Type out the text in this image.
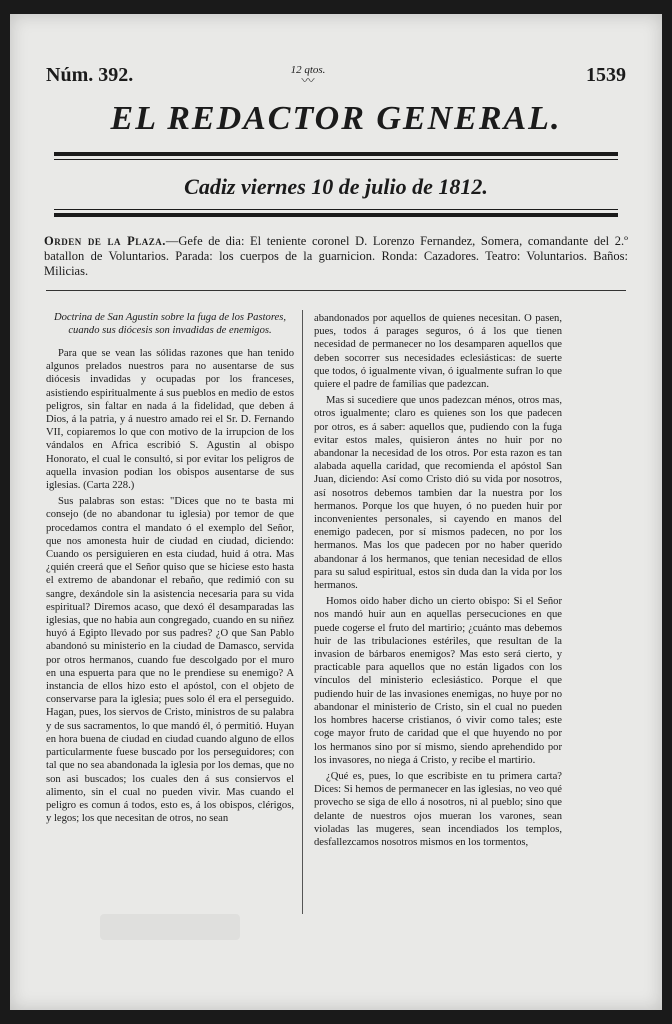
Núm. 392.	12 qtos.
〰	1539
EL REDACTOR GENERAL.
Cadiz viernes 10 de julio de 1812.
Orden de la Plaza.—Gefe de dia: El teniente coronel D. Lorenzo Fernandez, Somera, comandante del 2.º batallon de Voluntarios. Parada: los cuerpos de la guarnicion. Ronda: Cazadores. Teatro: Voluntarios. Baños: Milicias.
Doctrina de San Agustin sobre la fuga de los Pastores, cuando sus diócesis son invadidas de enemigos.

Para que se vean las sólidas razones que han tenido algunos prelados nuestros para no ausentarse de sus diócesis invadidas y ocupadas por los franceses, asistiendo espiritualmente á sus pueblos en medio de estos peligros, sin faltar en nada á la fidelidad, que deben á Dios, á la patria, y á nuestro amado rei el Sr. D. Fernando VII, copiaremos lo que con motivo de la irrupcion de los vándalos en Africa escribió S. Agustin al obispo Honorato, el cual le consultó, si por evitar los peligros de aquella invasion podian los obispos ausentarse de sus iglesias. (Carta 228.)

Sus palabras son estas: "Dices que no te basta mi consejo (de no abandonar tu iglesia) por temor de que procedamos contra el mandato ó el exemplo del Señor, que nos amonesta huir de ciudad en ciudad, diciendo: Cuando os persiguieren en esta ciudad, huid á otra. Mas ¿quién creerá que el Señor quiso que se hiciese esto hasta el extremo de abandonar el rebaño, que redimió con su sangre, dexándole sin la asistencia necesaria para su vida espiritual? Diremos acaso, que dexó él desamparadas las iglesias, que no habia aun congregado, cuando en su niñez huyó á Egipto llevado por sus padres? ¿O que San Pablo abandonó su ministerio en la ciudad de Damasco, servida por otros hermanos, cuando fue descolgado por el muro en una espuerta para que no le prendiese su enemigo? A instancia de ellos hizo esto el apóstol, con el objeto de conservarse para la iglesia; pues solo él era el perseguido. Hagan, pues, los siervos de Cristo, ministros de su palabra y de sus sacramentos, lo que mandó él, ó permitió. Huyan en hora buena de ciudad en ciudad cuando alguno de ellos particularmente fuese buscado por los perseguidores; con tal que no sea abandonada la iglesia por los demas, que no son asi buscados; los cuales den á sus consiervos el alimento, sin el cual no pueden vivir. Mas cuando el peligro es comun á todos, esto es, á los obispos, clérigos, y legos; los que necesitan de otros, no sean

abandonados por aquellos de quienes necesitan. O pasen, pues, todos á parages seguros, ó á los que tienen necesidad de permanecer no los desamparen aquellos que deben socorrer sus necesidades eclesiásticas: de suerte que todos, ó igualmente vivan, ó igualmente sufran lo que quiere el padre de familias que padezcan.

Mas si sucediere que unos padezcan ménos, otros mas, otros igualmente; claro es quienes son los que padecen por otros, es á saber: aquellos que, pudiendo con la fuga evitar estos males, quisieron ántes no huir por no abandonar la necesidad de los otros. Por esta razon es tan alabada aquella caridad, que recomienda el apóstol San Juan, diciendo: Así como Cristo dió su vida por nosotros, así nosotros debemos tambien dar la nuestra por los hermanos. Porque los que huyen, ó no pueden huir por inconvenientes personales, si cayendo en manos del enemigo padecen, por sí mismos padecen, no por los hermanos. Mas los que padecen por no haber querido abandonar á los hermanos, que tenian necesidad de ellos para su salud espiritual, estos sin duda dan la vida por los hermanos.

Homos oido haber dicho un cierto obispo: Si el Señor nos mandó huir aun en aquellas persecuciones en que puede cogerse el fruto del martirio; ¿cuánto mas debemos huir de las tribulaciones estériles, que resultan de la invasion de bárbaros enemigos? Mas esto será cierto, y practicable para aquellos que no están ligados con los vínculos del ministerio eclesiástico. Porque el que pudiendo huir de las invasiones enemigas, no huye por no abandonar el ministerio de Cristo, sin el cual no pueden los hombres hacerse cristianos, ó vivir como tales; este coge mayor fruto de caridad que el que huyendo no por los hermanos sino por sí mismo, siendo aprehendido por los invasores, no niega á Cristo, y recibe el martirio.

¿Qué es, pues, lo que escribiste en tu primera carta? Dices: Si hemos de permanecer en las iglesias, no veo qué provecho se siga de ello á nosotros, ni al pueblo; sino que delante de nuestros ojos mueran los varones, sean violadas las mugeres, sean incendiados los templos, desfallezcamos nosotros mismos en los tormentos,
